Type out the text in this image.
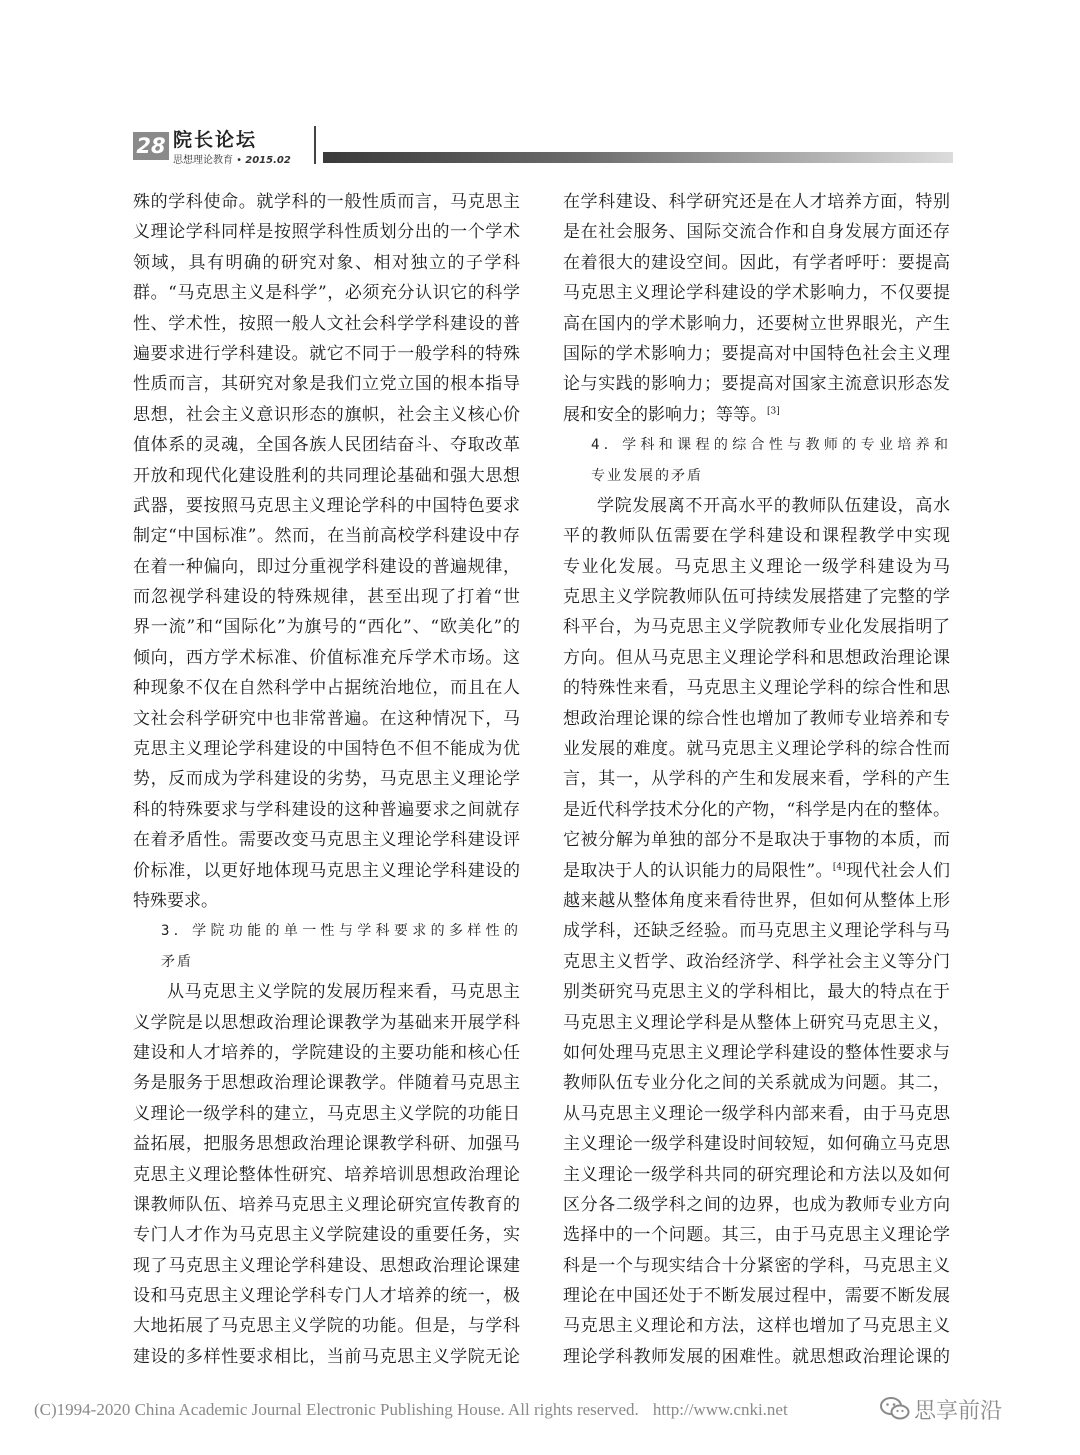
28 院长论坛
思想理论教育 • 2015.02
殊的学科使命。就学科的一般性质而言，马克思主
义理论学科同样是按照学科性质划分出的一个学术
领域，具有明确的研究对象、相对独立的子学科
群。“马克思主义是科学”，必须充分认识它的科学
性、学术性，按照一般人文社会科学学科建设的普
遍要求进行学科建设。就它不同于一般学科的特殊
性质而言，其研究对象是我们立党立国的根本指导
思想，社会主义意识形态的旗帜，社会主义核心价
值体系的灵魂，全国各族人民团结奋斗、夺取改革
开放和现代化建设胜利的共同理论基础和强大思想
武器，要按照马克思主义理论学科的中国特色要求
制定“中国标准”。然而，在当前高校学科建设中存
在着一种偏向，即过分重视学科建设的普遍规律，
而忽视学科建设的特殊规律，甚至出现了打着“世
界一流”和“国际化”为旗号的“西化”、“欧美化”的
倾向，西方学术标准、价值标准充斥学术市场。这
种现象不仅在自然科学中占据统治地位，而且在人
文社会科学研究中也非常普遍。在这种情况下，马
克思主义理论学科建设的中国特色不但不能成为优
势，反而成为学科建设的劣势，马克思主义理论学
科的特殊要求与学科建设的这种普遍要求之间就存
在着矛盾性。需要改变马克思主义理论学科建设评
价标准，以更好地体现马克思主义理论学科建设的
特殊要求。
3．学院功能的单一性与学科要求的多样性的
矛盾
从马克思主义学院的发展历程来看，马克思主
义学院是以思想政治理论课教学为基础来开展学科
建设和人才培养的，学院建设的主要功能和核心任
务是服务于思想政治理论课教学。伴随着马克思主
义理论一级学科的建立，马克思主义学院的功能日
益拓展，把服务思想政治理论课教学科研、加强马
克思主义理论整体性研究、培养培训思想政治理论
课教师队伍、培养马克思主义理论研究宣传教育的
专门人才作为马克思主义学院建设的重要任务，实
现了马克思主义理论学科建设、思想政治理论课建
设和马克思主义理论学科专门人才培养的统一，极
大地拓展了马克思主义学院的功能。但是，与学科
建设的多样性要求相比，当前马克思主义学院无论
在学科建设、科学研究还是在人才培养方面，特别
是在社会服务、国际交流合作和自身发展方面还存
在着很大的建设空间。因此，有学者呼吁：要提高
马克思主义理论学科建设的学术影响力，不仅要提
高在国内的学术影响力，还要树立世界眼光，产生
国际的学术影响力；要提高对中国特色社会主义理
论与实践的影响力；要提高对国家主流意识形态发
展和安全的影响力；等等。[3]
4．学科和课程的综合性与教师的专业培养和
专业发展的矛盾
学院发展离不开高水平的教师队伍建设，高水
平的教师队伍需要在学科建设和课程教学中实现
专业化发展。马克思主义理论一级学科建设为马
克思主义学院教师队伍可持续发展搭建了完整的学
科平台，为马克思主义学院教师专业化发展指明了
方向。但从马克思主义理论学科和思想政治理论课
的特殊性来看，马克思主义理论学科的综合性和思
想政治理论课的综合性也增加了教师专业培养和专
业发展的难度。就马克思主义理论学科的综合性而
言，其一，从学科的产生和发展来看，学科的产生
是近代科学技术分化的产物，“科学是内在的整体。
它被分解为单独的部分不是取决于事物的本质，而
是取决于人的认识能力的局限性”。[4]现代社会人们
越来越从整体角度来看待世界，但如何从整体上形
成学科，还缺乏经验。而马克思主义理论学科与马
克思主义哲学、政治经济学、科学社会主义等分门
别类研究马克思主义的学科相比，最大的特点在于
马克思主义理论学科是从整体上研究马克思主义，
如何处理马克思主义理论学科建设的整体性要求与
教师队伍专业分化之间的关系就成为问题。其二，
从马克思主义理论一级学科内部来看，由于马克思
主义理论一级学科建设时间较短，如何确立马克思
主义理论一级学科共同的研究理论和方法以及如何
区分各二级学科之间的边界，也成为教师专业方向
选择中的一个问题。其三，由于马克思主义理论学
科是一个与现实结合十分紧密的学科，马克思主义
理论在中国还处于不断发展过程中，需要不断发展
马克思主义理论和方法，这样也增加了马克思主义
理论学科教师发展的困难性。就思想政治理论课的
(C)1994-2020 China Academic Journal Electronic Publishing House. All rights reserved. http://www.cnki.net	思享前沿
